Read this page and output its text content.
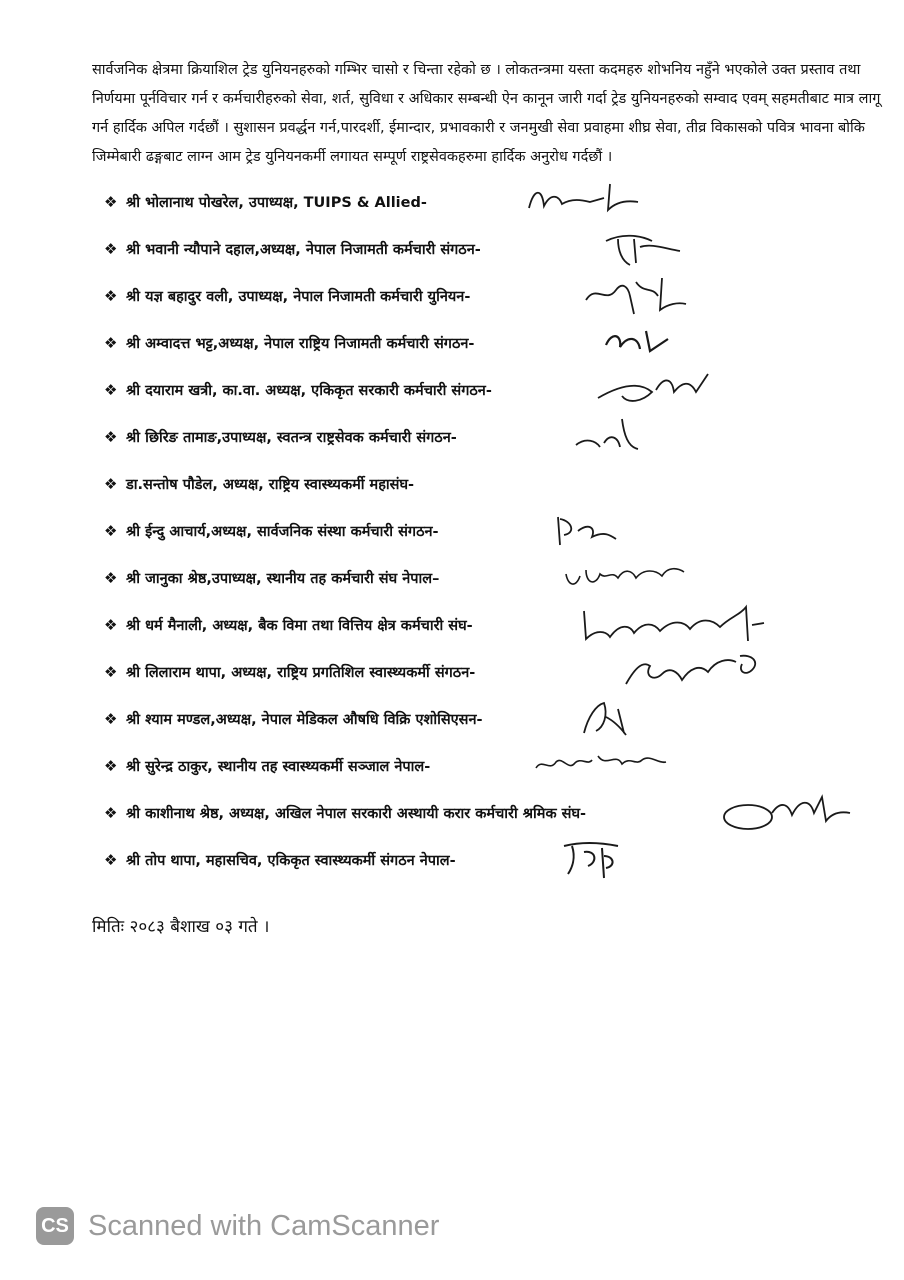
सार्वजनिक क्षेत्रमा क्रियाशिल ट्रेड युनियनहरुको गम्भिर चासो र चिन्ता रहेको छ । लोकतन्त्रमा यस्ता कदमहरु शोभनिय नहुँने भएकोले उक्त प्रस्ताव तथा निर्णयमा पूर्नविचार गर्न र कर्मचारीहरुको सेवा, शर्त, सुविधा र अधिकार सम्बन्धी ऐन कानून जारी गर्दा ट्रेड युनियनहरुको सम्वाद एवम् सहमतीबाट मात्र लागू गर्न हार्दिक अपिल गर्दछौं । सुशासन प्रवर्द्धन गर्न,पारदर्शी, ईमान्दार, प्रभावकारी र जनमुखी सेवा प्रवाहमा शीघ्र सेवा, तीव्र विकासको पवित्र भावना बोकि जिम्मेबारी ढङ्गबाट लाग्न आम ट्रेड युनियनकर्मी लगायत सम्पूर्ण राष्ट्रसेवकहरुमा हार्दिक अनुरोध गर्दछौं ।

❖ श्री भोलानाथ पोखरेल, उपाध्यक्ष, TUIPS & Allied-
❖ श्री भवानी न्यौपाने दहाल,अध्यक्ष, नेपाल निजामती कर्मचारी संगठन-
❖ श्री यज्ञ बहादुर वली, उपाध्यक्ष, नेपाल निजामती कर्मचारी युनियन-
❖ श्री अम्वादत्त भट्ट,अध्यक्ष, नेपाल राष्ट्रिय निजामती कर्मचारी संगठन-
❖ श्री दयाराम खत्री, का.वा. अध्यक्ष, एकिकृत सरकारी कर्मचारी संगठन-
❖ श्री छिरिङ तामाङ,उपाध्यक्ष, स्वतन्त्र राष्ट्रसेवक कर्मचारी संगठन-
❖ डा.सन्तोष पौडेल, अध्यक्ष, राष्ट्रिय स्वास्थ्यकर्मी महासंघ-
❖ श्री ईन्दु आचार्य,अध्यक्ष, सार्वजनिक संस्था कर्मचारी संगठन-
❖ श्री जानुका श्रेष्ठ,उपाध्यक्ष, स्थानीय तह कर्मचारी संघ नेपाल–
❖ श्री धर्म मैनाली, अध्यक्ष, बैक विमा तथा वित्तिय क्षेत्र कर्मचारी संघ-
❖ श्री लिलाराम थापा, अध्यक्ष, राष्ट्रिय प्रगतिशिल स्वास्थ्यकर्मी संगठन-
❖ श्री श्याम मण्डल,अध्यक्ष, नेपाल मेडिकल औषधि विक्रि एशोसिएसन-
❖ श्री सुरेन्द्र ठाकुर, स्थानीय तह स्वास्थ्यकर्मी सञ्जाल नेपाल-
❖ श्री काशीनाथ श्रेष्ठ, अध्यक्ष, अखिल नेपाल सरकारी अस्थायी करार कर्मचारी श्रमिक संघ-
❖ श्री तोप थापा, महासचिव, एकिकृत स्वास्थ्यकर्मी संगठन नेपाल-

मितिः २०८३ बैशाख ०३ गते ।

CS Scanned with CamScanner
